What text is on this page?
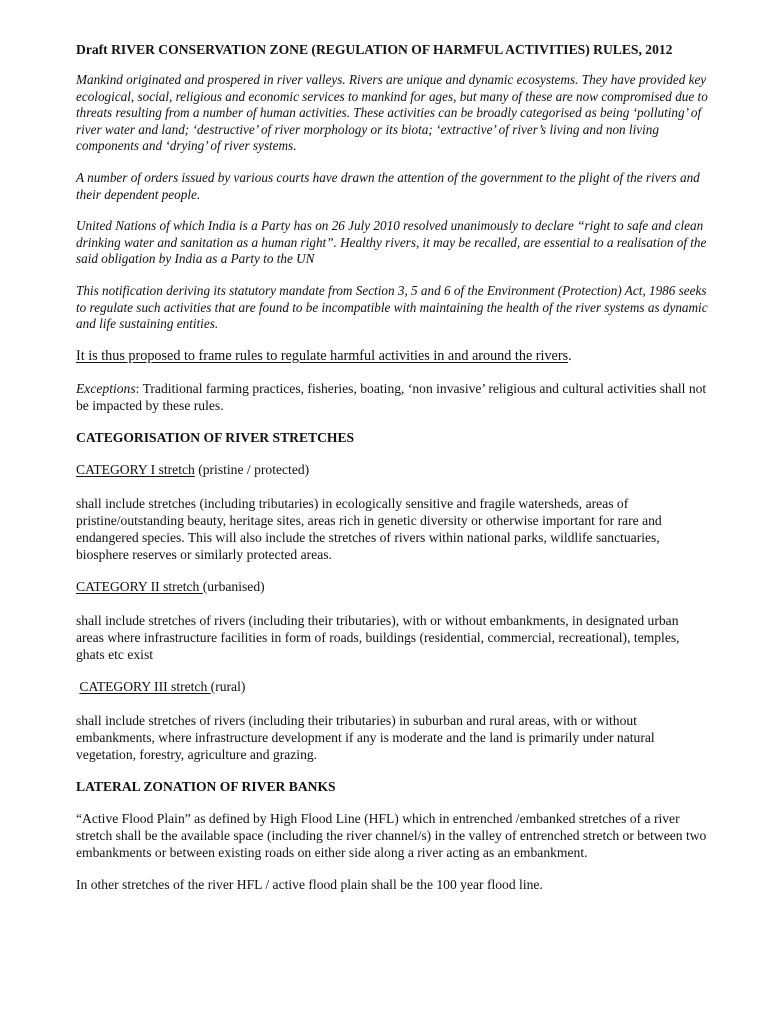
Draft RIVER CONSERVATION ZONE (REGULATION OF HARMFUL ACTIVITIES) RULES, 2012

Mankind originated and prospered in river valleys. Rivers are unique and dynamic ecosystems. They have provided key ecological, social, religious and economic services to mankind for ages, but many of these are now compromised due to threats resulting from a number of human activities. These activities can be broadly categorised as being ‘polluting’ of river water and land; ‘destructive’ of river morphology or its biota; ‘extractive’ of river’s living and non living components and ‘drying’ of river systems.

A number of orders issued by various courts have drawn the attention of the government to the plight of the rivers and their dependent people.

United Nations of which India is a Party has on 26 July 2010 resolved unanimously to declare “right to safe and clean drinking water and sanitation as a human right”. Healthy rivers, it may be recalled, are essential to a realisation of the said obligation by India as a Party to the UN

This notification deriving its statutory mandate from Section 3, 5 and 6 of the Environment (Protection) Act, 1986 seeks to regulate such activities that are found to be incompatible with maintaining the health of the river systems as dynamic and life sustaining entities.

It is thus proposed to frame rules to regulate harmful activities in and around the rivers.

Exceptions: Traditional farming practices, fisheries, boating, ‘non invasive’ religious and cultural activities shall not be impacted by these rules.

CATEGORISATION OF RIVER STRETCHES

CATEGORY I stretch (pristine / protected)

shall include stretches (including tributaries) in ecologically sensitive and fragile watersheds, areas of pristine/outstanding beauty, heritage sites, areas rich in genetic diversity or otherwise important for rare and endangered species. This will also include the stretches of rivers within national parks, wildlife sanctuaries, biosphere reserves or similarly protected areas.

CATEGORY II stretch (urbanised)

shall include stretches of rivers (including their tributaries), with or without embankments, in designated urban areas where infrastructure facilities in form of roads, buildings (residential, commercial, recreational), temples, ghats etc exist

CATEGORY III stretch (rural)

shall include stretches of rivers (including their tributaries) in suburban and rural areas, with or without embankments, where infrastructure development if any is moderate and the land is primarily under natural vegetation, forestry, agriculture and grazing.

LATERAL ZONATION OF RIVER BANKS

“Active Flood Plain” as defined by High Flood Line (HFL) which in entrenched /embanked stretches of a river stretch shall be the available space (including the river channel/s) in the valley of entrenched stretch or between two embankments or between existing roads on either side along a river acting as an embankment.

In other stretches of the river HFL / active flood plain shall be the 100 year flood line.
